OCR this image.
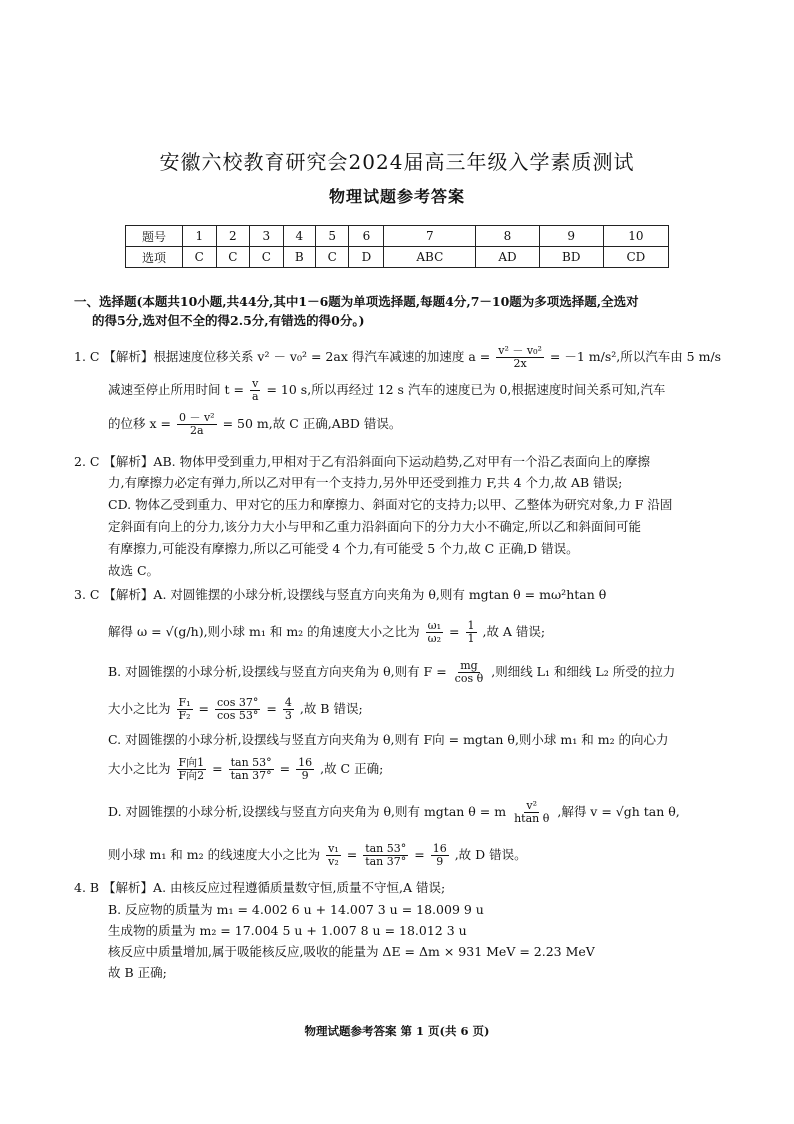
安徽六校教育研究会2024届高三年级入学素质测试
物理试题参考答案
题号	1	2	3	4	5	6	7	8	9	10
选项	C	C	C	B	C	D	ABC	AD	BD	CD
一、选择题(本题共10小题,共44分,其中1－6题为单项选择题,每题4分,7－10题为多项选择题,全选对
的得5分,选对但不全的得2.5分,有错选的得0分。)
1. C 【解析】根据速度位移关系 v² － v₀² = 2ax 得汽车减速的加速度 $a = \frac{\text{v² － v₀²}}{2x} = -1$ m/s²,所以汽车由 5 m/s
减速至停止所用时间 $t = \frac{v}{a} = 10$ s,所以再经过 12 s 汽车的速度已为 0,根据速度时间关系可知,汽车
的位移 $x = \frac{\text{0 － v²}}{2a} = 50$ m,故 C 正确,ABD 错误。
2. C 【解析】AB. 物体甲受到重力,甲相对于乙有沿斜面向下运动趋势,乙对甲有一个沿乙表面向上的摩擦
力,有摩擦力必定有弹力,所以乙对甲有一个支持力,另外甲还受到推力 F,共 4 个力,故 AB 错误;
CD. 物体乙受到重力、甲对它的压力和摩擦力、斜面对它的支持力;以甲、乙整体为研究对象,力 F 沿固
定斜面有向上的分力,该分力大小与甲和乙重力沿斜面向下的分力大小不确定,所以乙和斜面间可能
有摩擦力,可能没有摩擦力,所以乙可能受 4 个力,有可能受 5 个力,故 C 正确,D 错误。
故选 C。
3. C 【解析】A. 对圆锥摆的小球分析,设摆线与竖直方向夹角为 θ,则有 mgtan θ = mω²htan θ
解得 ω = √(g/h),则小球 m₁ 和 m₂ 的角速度大小之比为 $\frac{\text{ω₁}}{\text{ω₂}} = \frac{1}{1}$ ,故 A 错误;
B. 对圆锥摆的小球分析,设摆线与竖直方向夹角为 θ,则有 $F = \frac{mg}{\text{cos θ}}$ ,则细线 L₁ 和细线 L₂ 所受的拉力
大小之比为 $\frac{\text{F₁}}{\text{F₂}} = \frac{\cos 37^\circ}{\cos 53^\circ} = \frac{4}{3}$ ,故 B 错误;
C. 对圆锥摆的小球分析,设摆线与竖直方向夹角为 θ,则有 F向 = mgtan θ,则小球 m₁ 和 m₂ 的向心力
大小之比为 $\frac{\text{F向1}}{\text{F向2}} = \frac{\tan 53^\circ}{\tan 37^\circ} = \frac{16}{9}$ ,故 C 正确;
D. 对圆锥摆的小球分析,设摆线与竖直方向夹角为 θ,则有 mgtan θ = m $\frac{\text{v²}}{\text{htan θ}}$ ,解得 v = √gh tan θ,
则小球 m₁ 和 m₂ 的线速度大小之比为 $\frac{\text{v₁}}{\text{v₂}} = \frac{\tan 53^\circ}{\tan 37^\circ} = \frac{16}{9}$ ,故 D 错误。
4. B 【解析】A. 由核反应过程遵循质量数守恒,质量不守恒,A 错误;
B. 反应物的质量为 m₁ = 4.002 6 u + 14.007 3 u = 18.009 9 u
生成物的质量为 m₂ = 17.004 5 u + 1.007 8 u = 18.012 3 u
核反应中质量增加,属于吸能核反应,吸收的能量为 ΔE = Δm × 931 MeV = 2.23 MeV
故 B 正确;
物理试题参考答案 第 1 页(共 6 页)
